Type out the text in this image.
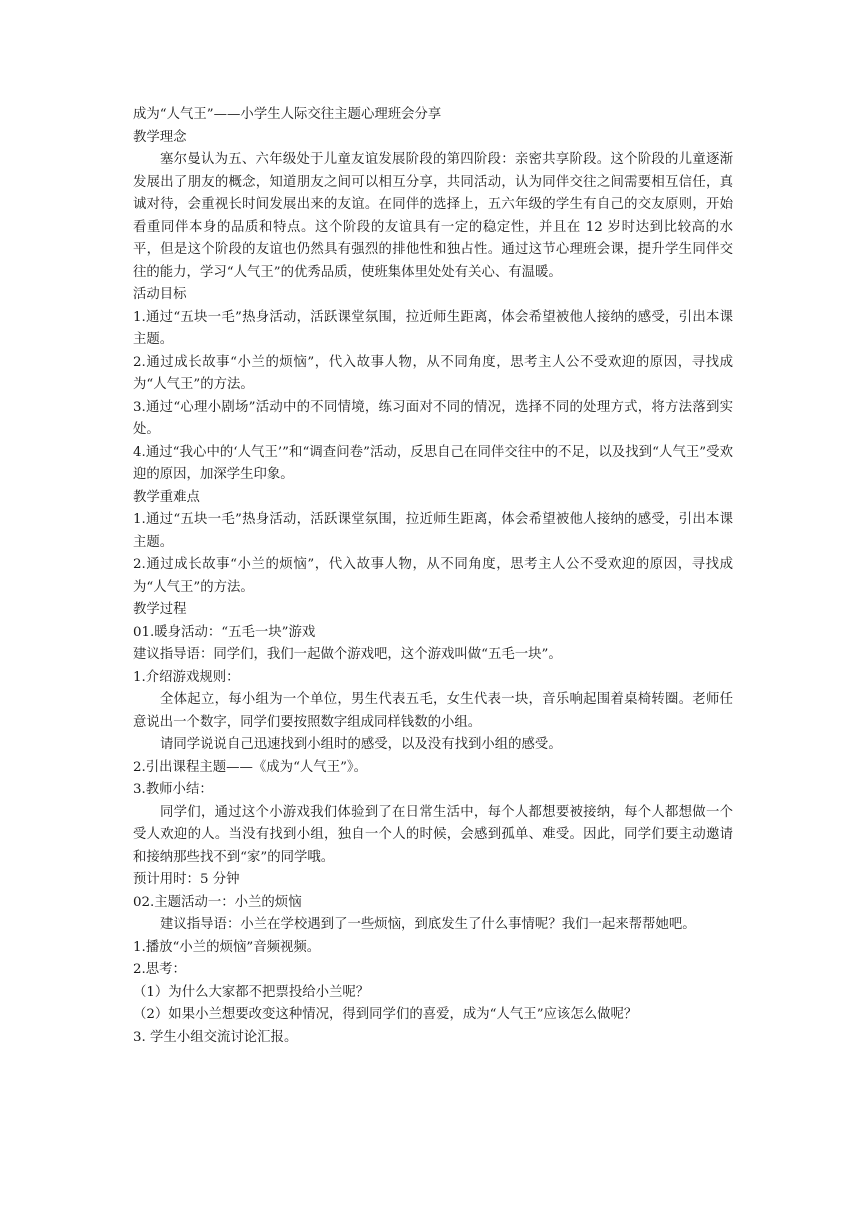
成为“人气王”——小学生人际交往主题心理班会分享

教学理念

塞尔曼认为五、六年级处于儿童友谊发展阶段的第四阶段：亲密共享阶段。这个阶段的儿童逐渐发展出了朋友的概念，知道朋友之间可以相互分享，共同活动，认为同伴交往之间需要相互信任，真诚对待，会重视长时间发展出来的友谊。在同伴的选择上，五六年级的学生有自己的交友原则，开始看重同伴本身的品质和特点。这个阶段的友谊具有一定的稳定性，并且在 12 岁时达到比较高的水平，但是这个阶段的友谊也仍然具有强烈的排他性和独占性。通过这节心理班会课，提升学生同伴交往的能力，学习“人气王”的优秀品质，使班集体里处处有关心、有温暖。

活动目标

1.通过“五块一毛”热身活动，活跃课堂氛围，拉近师生距离，体会希望被他人接纳的感受，引出本课主题。

2.通过成长故事“小兰的烦恼”，代入故事人物，从不同角度，思考主人公不受欢迎的原因，寻找成为“人气王”的方法。

3.通过“心理小剧场”活动中的不同情境，练习面对不同的情况，选择不同的处理方式，将方法落到实处。

4.通过“我心中的‘人气王’”和“调查问卷”活动，反思自己在同伴交往中的不足，以及找到“人气王”受欢迎的原因，加深学生印象。

教学重难点

1.通过“五块一毛”热身活动，活跃课堂氛围，拉近师生距离，体会希望被他人接纳的感受，引出本课主题。

2.通过成长故事“小兰的烦恼”，代入故事人物，从不同角度，思考主人公不受欢迎的原因，寻找成为“人气王”的方法。

教学过程

01.暖身活动：“五毛一块”游戏

建议指导语：同学们，我们一起做个游戏吧，这个游戏叫做“五毛一块”。

1.介绍游戏规则：

全体起立，每小组为一个单位，男生代表五毛，女生代表一块，音乐响起围着桌椅转圈。老师任意说出一个数字，同学们要按照数字组成同样钱数的小组。

请同学说说自己迅速找到小组时的感受，以及没有找到小组的感受。

2.引出课程主题——《成为“人气王”》。

3.教师小结：

同学们，通过这个小游戏我们体验到了在日常生活中，每个人都想要被接纳，每个人都想做一个受人欢迎的人。当没有找到小组，独自一个人的时候，会感到孤单、难受。因此，同学们要主动邀请和接纳那些找不到“家”的同学哦。

预计用时：5 分钟

02.主题活动一：小兰的烦恼

建议指导语：小兰在学校遇到了一些烦恼，到底发生了什么事情呢？我们一起来帮帮她吧。

1.播放“小兰的烦恼”音频视频。

2.思考：

（1）为什么大家都不把票投给小兰呢？

（2）如果小兰想要改变这种情况，得到同学们的喜爱，成为“人气王”应该怎么做呢？

3. 学生小组交流讨论汇报。
